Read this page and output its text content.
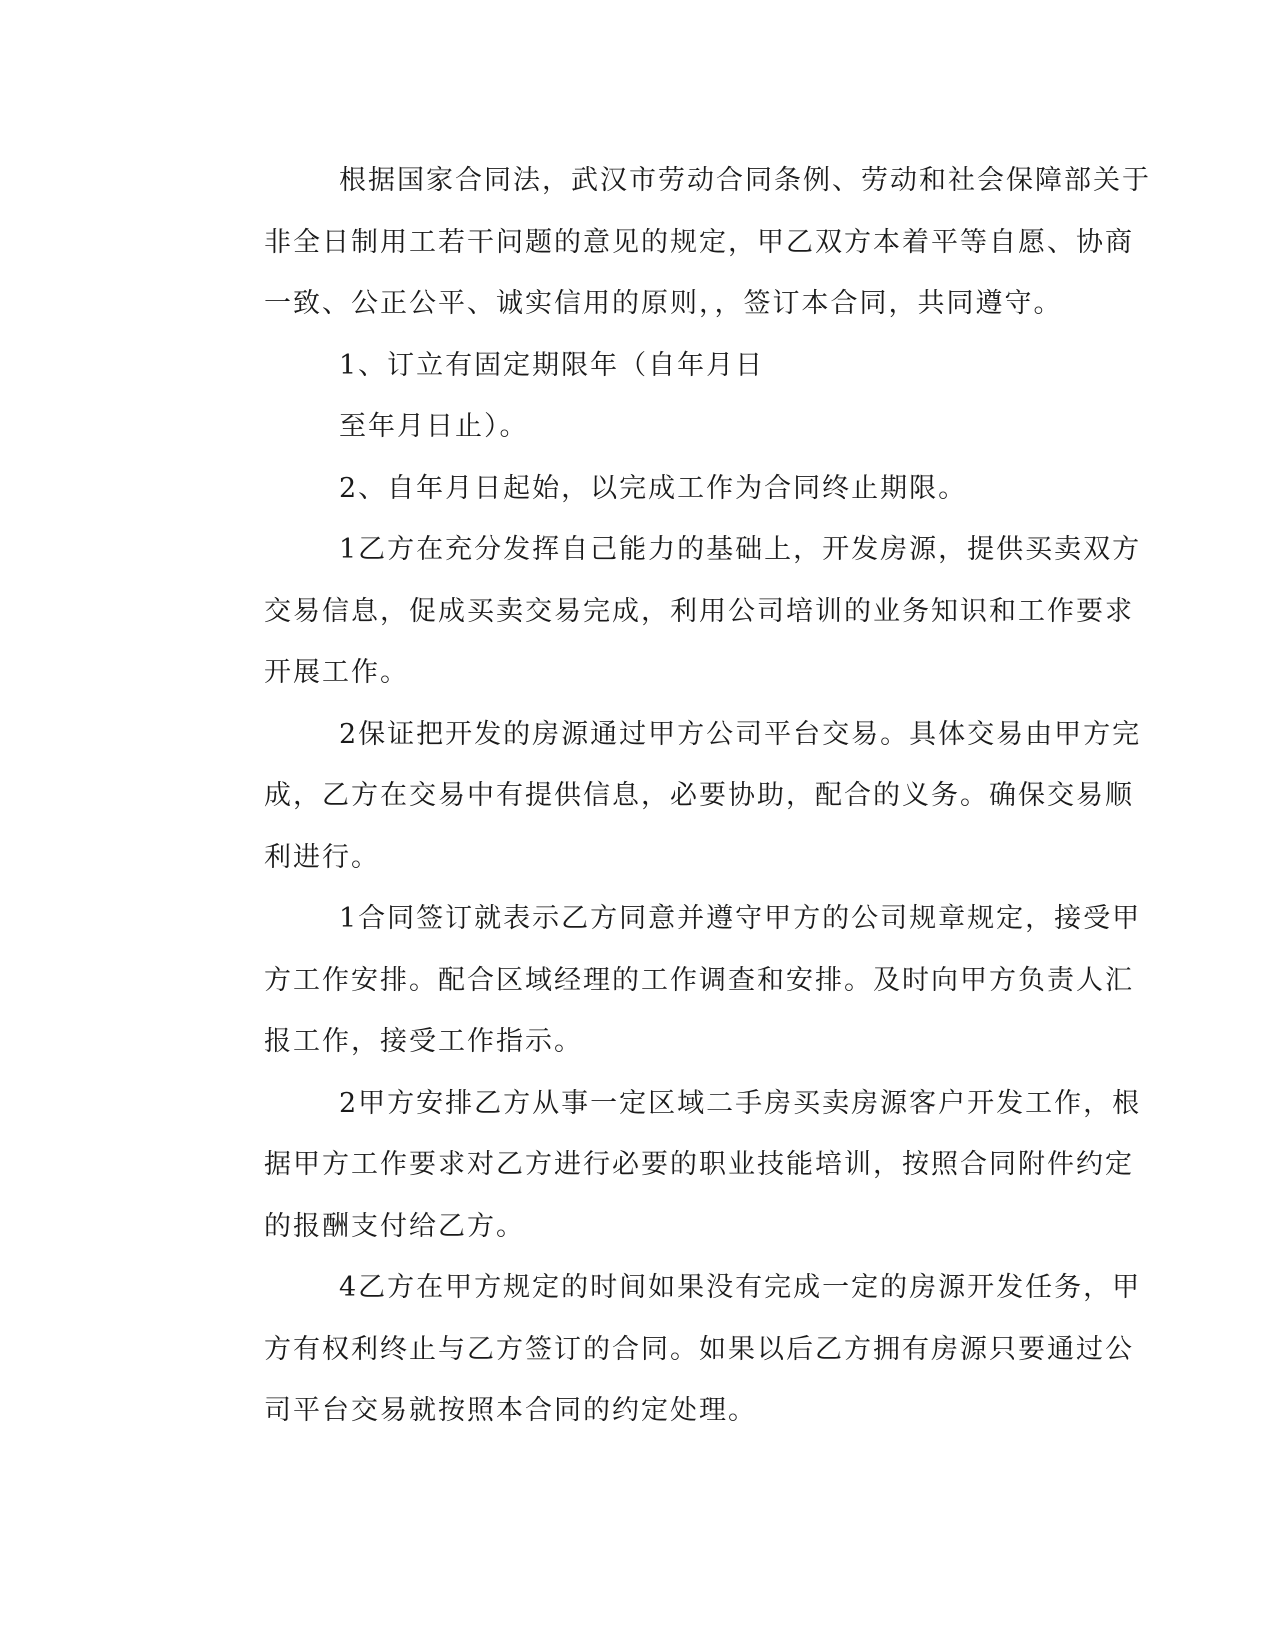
根据国家合同法，武汉市劳动合同条例、劳动和社会保障部关于
非全日制用工若干问题的意见的规定，甲乙双方本着平等自愿、协商
一致、公正公平、诚实信用的原则，，签订本合同，共同遵守。

1、订立有固定期限年（自年月日

至年月日止）。

2、自年月日起始，以完成工作为合同终止期限。

1乙方在充分发挥自己能力的基础上，开发房源，提供买卖双方
交易信息，促成买卖交易完成，利用公司培训的业务知识和工作要求
开展工作。

2保证把开发的房源通过甲方公司平台交易。具体交易由甲方完
成，乙方在交易中有提供信息，必要协助，配合的义务。确保交易顺
利进行。

1合同签订就表示乙方同意并遵守甲方的公司规章规定，接受甲
方工作安排。配合区域经理的工作调查和安排。及时向甲方负责人汇
报工作，接受工作指示。

2甲方安排乙方从事一定区域二手房买卖房源客户开发工作，根
据甲方工作要求对乙方进行必要的职业技能培训，按照合同附件约定
的报酬支付给乙方。

4乙方在甲方规定的时间如果没有完成一定的房源开发任务，甲
方有权利终止与乙方签订的合同。如果以后乙方拥有房源只要通过公
司平台交易就按照本合同的约定处理。
